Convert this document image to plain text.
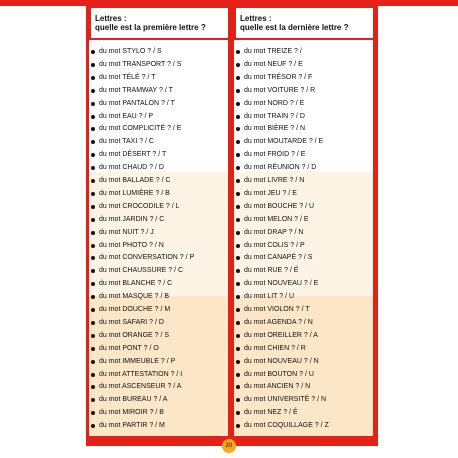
Lettres :
quelle est la première lettre ?
Lettres :
quelle est la dernière lettre ?
du mot STYLO ? / S
du mot TRANSPORT ? / S
du mot TÉLÉ ? / T
du mot TRAMWAY ? / T
du mot PANTALON ? / T
du mot EAU ? / P
du mot COMPLICITÉ ? / E
du mot TAXI ? / C
du mot DÉSERT ? / T
du mot CHAUD ? / D
du mot BALLADE ? / C
du mot LUMIÈRE ? / B
du mot CROCODILE ? / L
du mot JARDIN ? / C
du mot NUIT ? / J
du mot PHOTO ? / N
du mot CONVERSATION ? / P
du mot CHAUSSURE ? / C
du mot BLANCHE ? / C
du mot MASQUE ? / B
du mot DOUCHE ? / M
du mot SAFARI ? / D
du mot ORANGE ? / S
du mot PONT ? / O
du mot IMMEUBLE ? / P
du mot ATTESTATION ? / I
du mot ASCENSEUR ? / A
du mot BUREAU ? / A
du mot MIROIR ? / B
du mot PARTIR ? / M
du mot TREIZE ? /
du mot NEUF ? / E
du mot TRÉSOR ? / F
du mot VOITURE ? / R
du mot NORD ? / E
du mot TRAIN ? / D
du mot BIÈRE ? / N
du mot MOUTARDE ? / E
du mot FROID ? / E
du mot RÉUNION ? / D
du mot LIVRE ? / N
du mot JEU ? / E
du mot BOUCHE ? / U
du mot MELON ? / E
du mot DRAP ? / N
du mot COLIS ? / P
du mot CANAPÉ ? / S
du mot RUE ? / É
du mot NOUVEAU ? / E
du mot LIT ? / U
du mot VIOLON ? / T
du mot AGENDA ? / N
du mot OREILLER ? / A
du mot CHIEN ? / R
du mot NOUVEAU ? / N
du mot BOUTON ? / U
du mot ANCIEN ? / N
du mot UNIVERSITÉ ? / N
du mot NEZ ? / É
du mot COQUILLAGE ? / Z
20
